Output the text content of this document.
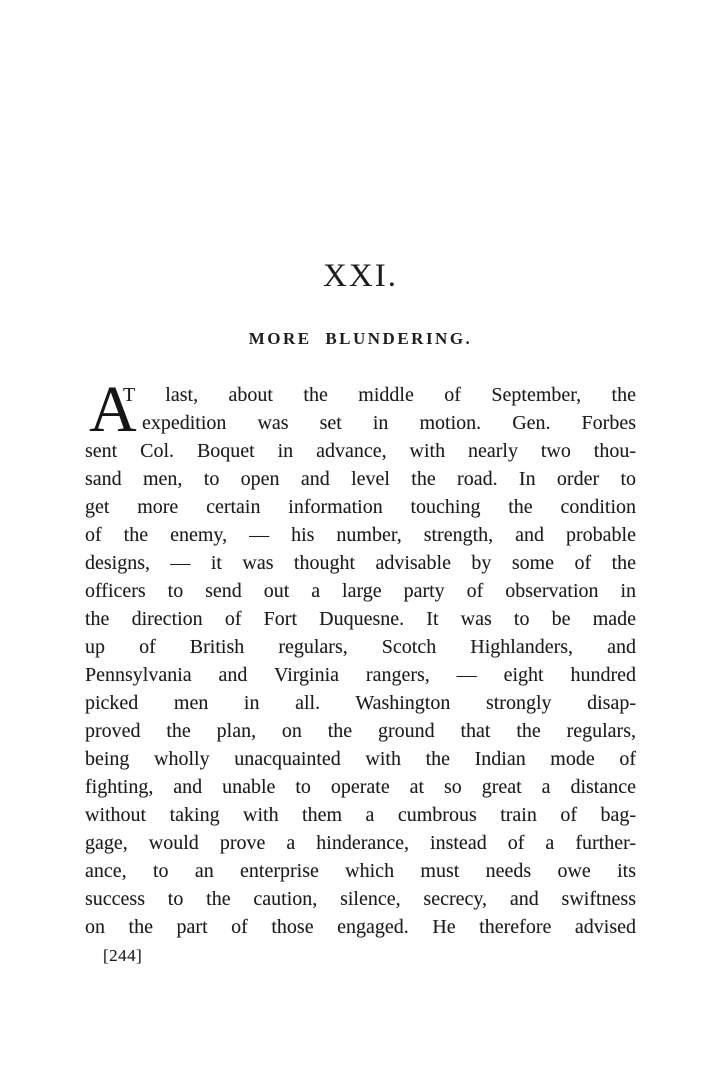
XXI.
MORE BLUNDERING.
A
T last, about the middle of September, the
expedition was set in motion. Gen. Forbes
sent Col. Boquet in advance, with nearly two thou-
sand men, to open and level the road. In order to
get more certain information touching the condition
of the enemy, — his number, strength, and probable
designs, — it was thought advisable by some of the
officers to send out a large party of observation in
the direction of Fort Duquesne. It was to be made
up of British regulars, Scotch Highlanders, and
Pennsylvania and Virginia rangers, — eight hundred
picked men in all. Washington strongly disap-
proved the plan, on the ground that the regulars,
being wholly unacquainted with the Indian mode of
fighting, and unable to operate at so great a distance
without taking with them a cumbrous train of bag-
gage, would prove a hinderance, instead of a further-
ance, to an enterprise which must needs owe its
success to the caution, silence, secrecy, and swiftness
on the part of those engaged. He therefore advised
[244]
